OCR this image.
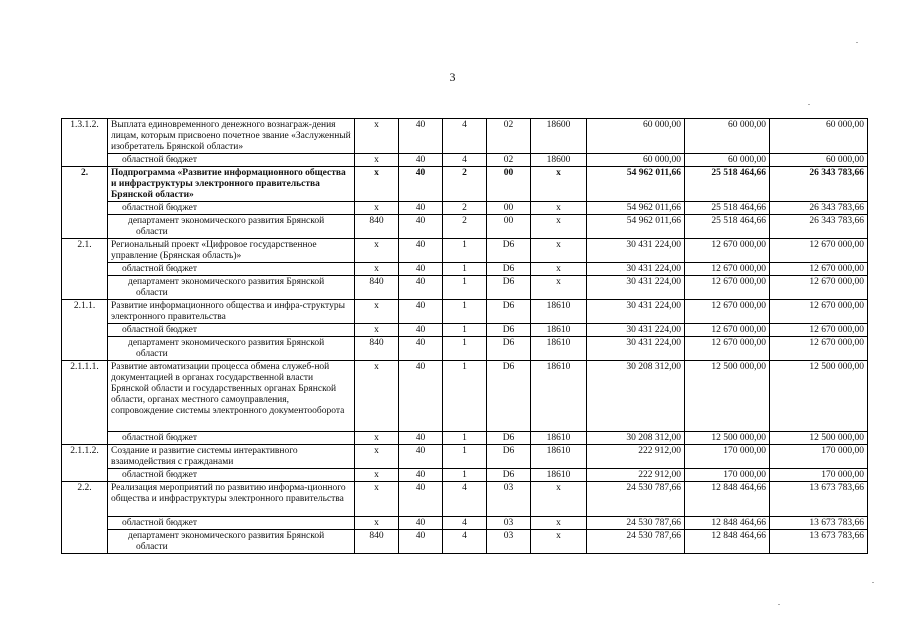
3
1.3.1.2.	Выплата единовременного денежного вознаграж-дения лицам, которым присвоено почетное звание «Заслуженный изобретатель Брянской области»	х	40	4	02	18600	60 000,00	60 000,00	60 000,00
	областной бюджет	х	40	4	02	18600	60 000,00	60 000,00	60 000,00
2.	Подпрограмма «Развитие информационного общества и инфраструктуры электронного правительства Брянской области»	х	40	2	00	х	54 962 011,66	25 518 464,66	26 343 783,66
	областной бюджет	х	40	2	00	х	54 962 011,66	25 518 464,66	26 343 783,66
	департамент экономического развития Брянской области	840	40	2	00	х	54 962 011,66	25 518 464,66	26 343 783,66
2.1.	Региональный проект «Цифровое государственное управление (Брянская область)»	х	40	1	D6	х	30 431 224,00	12 670 000,00	12 670 000,00
	областной бюджет	х	40	1	D6	х	30 431 224,00	12 670 000,00	12 670 000,00
	департамент экономического развития Брянской области	840	40	1	D6	х	30 431 224,00	12 670 000,00	12 670 000,00
2.1.1.	Развитие информационного общества и инфра-структуры электронного правительства	х	40	1	D6	18610	30 431 224,00	12 670 000,00	12 670 000,00
	областной бюджет	х	40	1	D6	18610	30 431 224,00	12 670 000,00	12 670 000,00
	департамент экономического развития Брянской области	840	40	1	D6	18610	30 431 224,00	12 670 000,00	12 670 000,00
2.1.1.1.	Развитие автоматизации процесса обмена служеб-ной документацией в органах государственной власти Брянской области и государственных органах Брянской области, органах местного самоуправления, сопровождение системы электронного документооборота	х	40	1	D6	18610	30 208 312,00	12 500 000,00	12 500 000,00
	областной бюджет	х	40	1	D6	18610	30 208 312,00	12 500 000,00	12 500 000,00
2.1.1.2.	Создание и развитие системы интерактивного взаимодействия с гражданами	х	40	1	D6	18610	222 912,00	170 000,00	170 000,00
	областной бюджет	х	40	1	D6	18610	222 912,00	170 000,00	170 000,00
2.2.	Реализация мероприятий по развитию информа-ционного общества и инфраструктуры электронного правительства	х	40	4	03	х	24 530 787,66	12 848 464,66	13 673 783,66
	областной бюджет	х	40	4	03	х	24 530 787,66	12 848 464,66	13 673 783,66
	департамент экономического развития Брянской области	840	40	4	03	х	24 530 787,66	12 848 464,66	13 673 783,66
